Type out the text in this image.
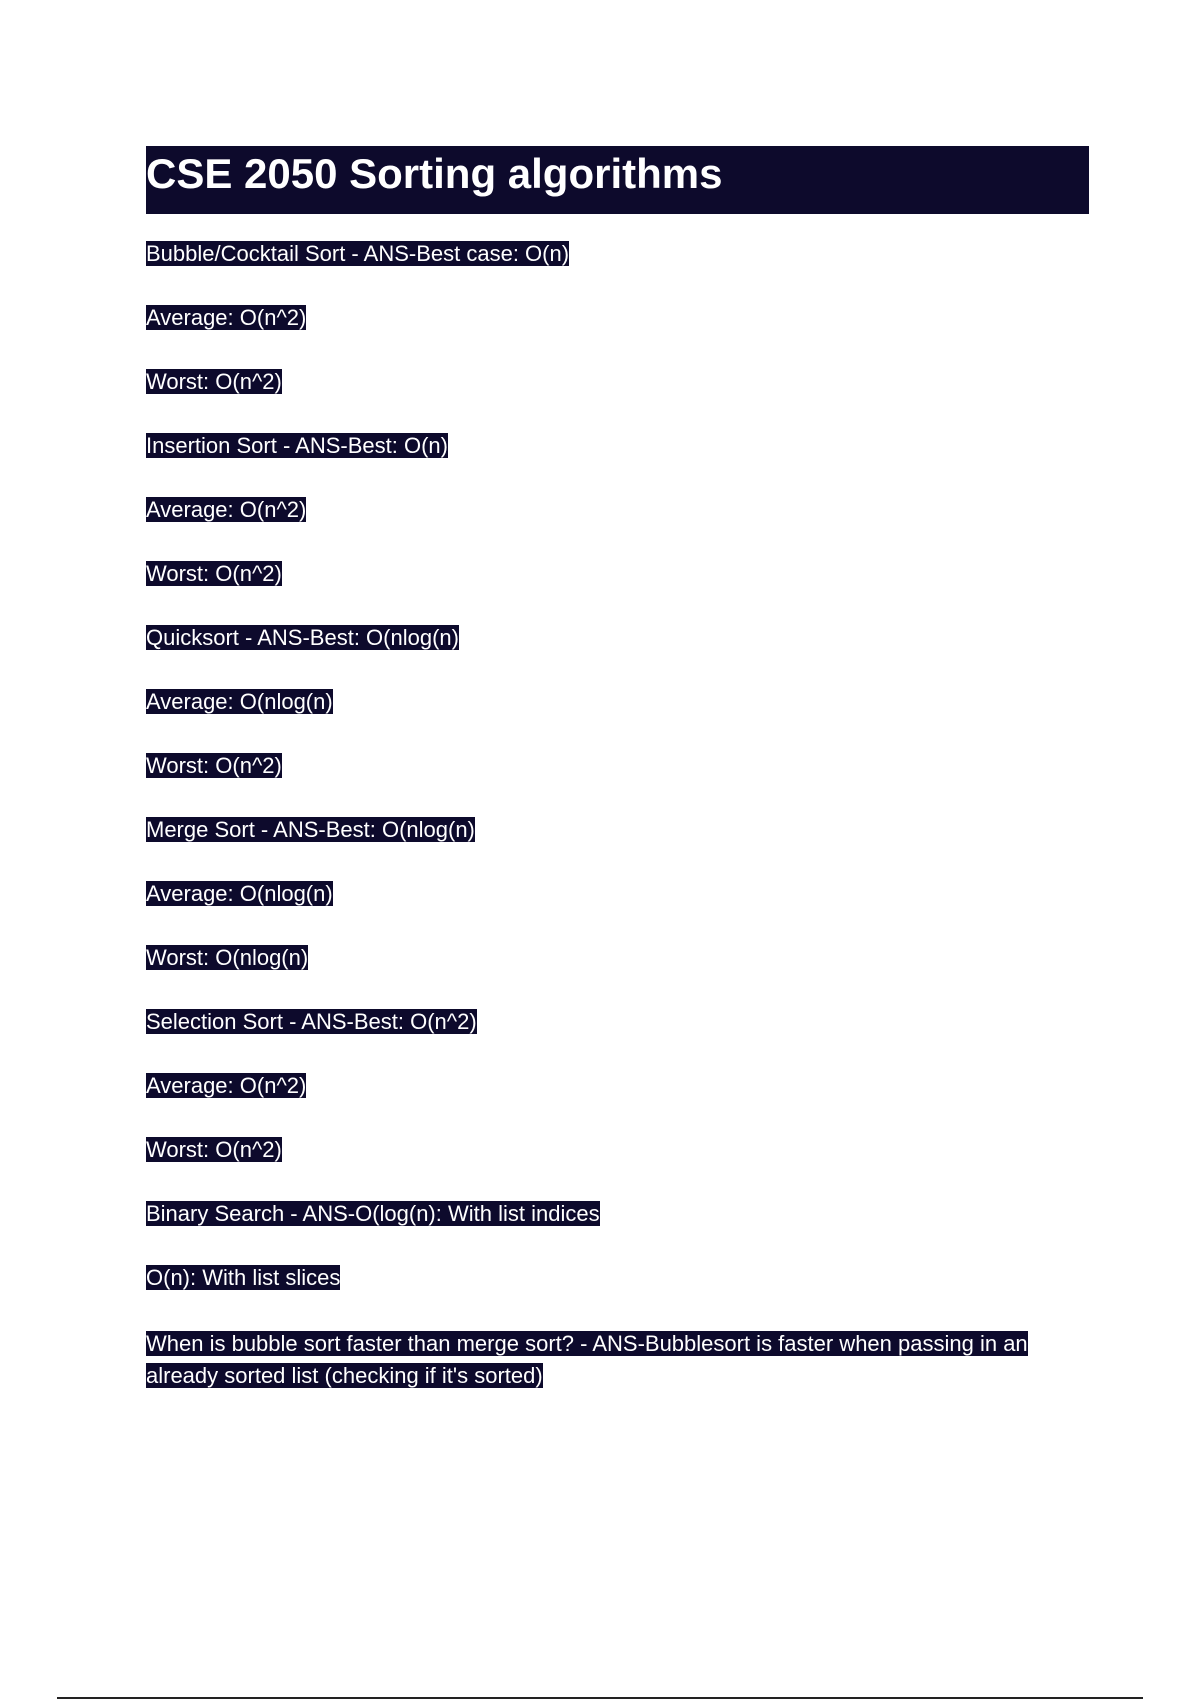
CSE 2050 Sorting algorithms

Bubble/Cocktail Sort - ANS-Best case: O(n)

Average: O(n^2)

Worst: O(n^2)

Insertion Sort - ANS-Best: O(n)

Average: O(n^2)

Worst: O(n^2)

Quicksort - ANS-Best: O(nlog(n)

Average: O(nlog(n)

Worst: O(n^2)

Merge Sort - ANS-Best: O(nlog(n)

Average: O(nlog(n)

Worst: O(nlog(n)

Selection Sort - ANS-Best: O(n^2)

Average: O(n^2)

Worst: O(n^2)

Binary Search - ANS-O(log(n): With list indices

O(n): With list slices

When is bubble sort faster than merge sort? - ANS-Bubblesort is faster when passing in an already sorted list (checking if it's sorted)
